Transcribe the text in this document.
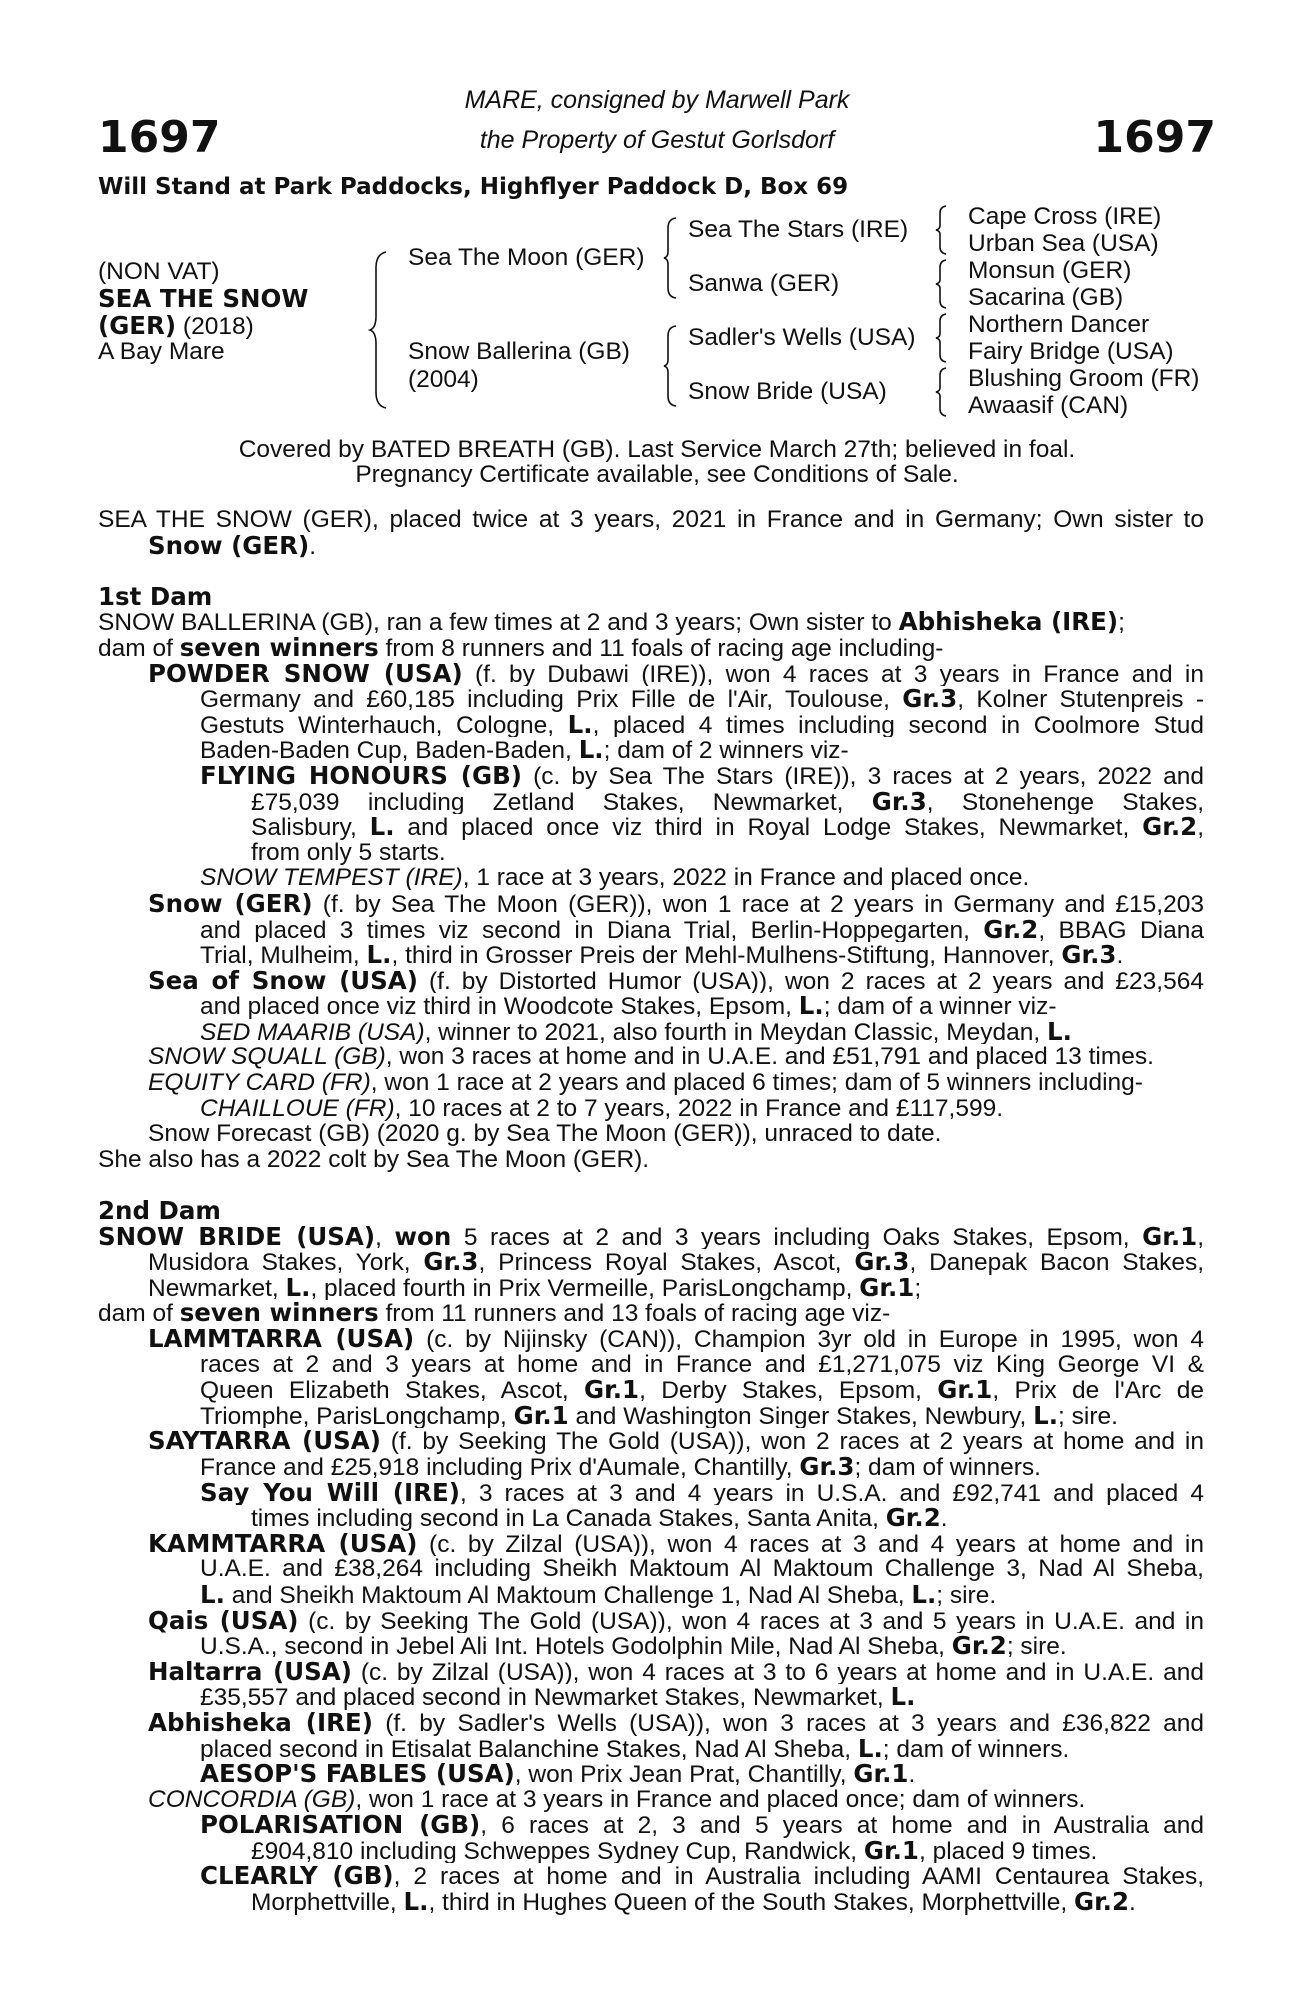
1697	1697
MARE, consigned by Marwell Park
the Property of Gestut Gorlsdorf
Will Stand at Park Paddocks, Highflyer Paddock D, Box 69
(NON VAT)
SEA THE SNOW
(GER) (2018)
A Bay Mare
Sea The Moon (GER)
Snow Ballerina (GB)
(2004)
Sea The Stars (IRE)
Sanwa (GER)
Sadler's Wells (USA)
Snow Bride (USA)
Cape Cross (IRE)
Urban Sea (USA)
Monsun (GER)
Sacarina (GB)
Northern Dancer
Fairy Bridge (USA)
Blushing Groom (FR)
Awaasif (CAN)
Covered by BATED BREATH (GB). Last Service March 27th; believed in foal.
Pregnancy Certificate available, see Conditions of Sale.
SEA THE SNOW (GER), placed twice at 3 years, 2021 in France and in Germany; Own sister to
Snow (GER).
1st Dam
SNOW BALLERINA (GB), ran a few times at 2 and 3 years; Own sister to Abhisheka (IRE);
dam of seven winners from 8 runners and 11 foals of racing age including-
POWDER SNOW (USA) (f. by Dubawi (IRE)), won 4 races at 3 years in France and in
Germany and £60,185 including Prix Fille de l'Air, Toulouse, Gr.3, Kolner Stutenpreis -
Gestuts Winterhauch, Cologne, L., placed 4 times including second in Coolmore Stud
Baden-Baden Cup, Baden-Baden, L.; dam of 2 winners viz-
FLYING HONOURS (GB) (c. by Sea The Stars (IRE)), 3 races at 2 years, 2022 and
£75,039 including Zetland Stakes, Newmarket, Gr.3, Stonehenge Stakes,
Salisbury, L. and placed once viz third in Royal Lodge Stakes, Newmarket, Gr.2,
from only 5 starts.
SNOW TEMPEST (IRE), 1 race at 3 years, 2022 in France and placed once.
Snow (GER) (f. by Sea The Moon (GER)), won 1 race at 2 years in Germany and £15,203
and placed 3 times viz second in Diana Trial, Berlin-Hoppegarten, Gr.2, BBAG Diana
Trial, Mulheim, L., third in Grosser Preis der Mehl-Mulhens-Stiftung, Hannover, Gr.3.
Sea of Snow (USA) (f. by Distorted Humor (USA)), won 2 races at 2 years and £23,564
and placed once viz third in Woodcote Stakes, Epsom, L.; dam of a winner viz-
SED MAARIB (USA), winner to 2021, also fourth in Meydan Classic, Meydan, L.
SNOW SQUALL (GB), won 3 races at home and in U.A.E. and £51,791 and placed 13 times.
EQUITY CARD (FR), won 1 race at 2 years and placed 6 times; dam of 5 winners including-
CHAILLOUE (FR), 10 races at 2 to 7 years, 2022 in France and £117,599.
Snow Forecast (GB) (2020 g. by Sea The Moon (GER)), unraced to date.
She also has a 2022 colt by Sea The Moon (GER).
2nd Dam
SNOW BRIDE (USA), won 5 races at 2 and 3 years including Oaks Stakes, Epsom, Gr.1,
Musidora Stakes, York, Gr.3, Princess Royal Stakes, Ascot, Gr.3, Danepak Bacon Stakes,
Newmarket, L., placed fourth in Prix Vermeille, ParisLongchamp, Gr.1;
dam of seven winners from 11 runners and 13 foals of racing age viz-
LAMMTARRA (USA) (c. by Nijinsky (CAN)), Champion 3yr old in Europe in 1995, won 4
races at 2 and 3 years at home and in France and £1,271,075 viz King George VI &
Queen Elizabeth Stakes, Ascot, Gr.1, Derby Stakes, Epsom, Gr.1, Prix de l'Arc de
Triomphe, ParisLongchamp, Gr.1 and Washington Singer Stakes, Newbury, L.; sire.
SAYTARRA (USA) (f. by Seeking The Gold (USA)), won 2 races at 2 years at home and in
France and £25,918 including Prix d'Aumale, Chantilly, Gr.3; dam of winners.
Say You Will (IRE), 3 races at 3 and 4 years in U.S.A. and £92,741 and placed 4
times including second in La Canada Stakes, Santa Anita, Gr.2.
KAMMTARRA (USA) (c. by Zilzal (USA)), won 4 races at 3 and 4 years at home and in
U.A.E. and £38,264 including Sheikh Maktoum Al Maktoum Challenge 3, Nad Al Sheba,
L. and Sheikh Maktoum Al Maktoum Challenge 1, Nad Al Sheba, L.; sire.
Qais (USA) (c. by Seeking The Gold (USA)), won 4 races at 3 and 5 years in U.A.E. and in
U.S.A., second in Jebel Ali Int. Hotels Godolphin Mile, Nad Al Sheba, Gr.2; sire.
Haltarra (USA) (c. by Zilzal (USA)), won 4 races at 3 to 6 years at home and in U.A.E. and
£35,557 and placed second in Newmarket Stakes, Newmarket, L.
Abhisheka (IRE) (f. by Sadler's Wells (USA)), won 3 races at 3 years and £36,822 and
placed second in Etisalat Balanchine Stakes, Nad Al Sheba, L.; dam of winners.
AESOP'S FABLES (USA), won Prix Jean Prat, Chantilly, Gr.1.
CONCORDIA (GB), won 1 race at 3 years in France and placed once; dam of winners.
POLARISATION (GB), 6 races at 2, 3 and 5 years at home and in Australia and
£904,810 including Schweppes Sydney Cup, Randwick, Gr.1, placed 9 times.
CLEARLY (GB), 2 races at home and in Australia including AAMI Centaurea Stakes,
Morphettville, L., third in Hughes Queen of the South Stakes, Morphettville, Gr.2.
